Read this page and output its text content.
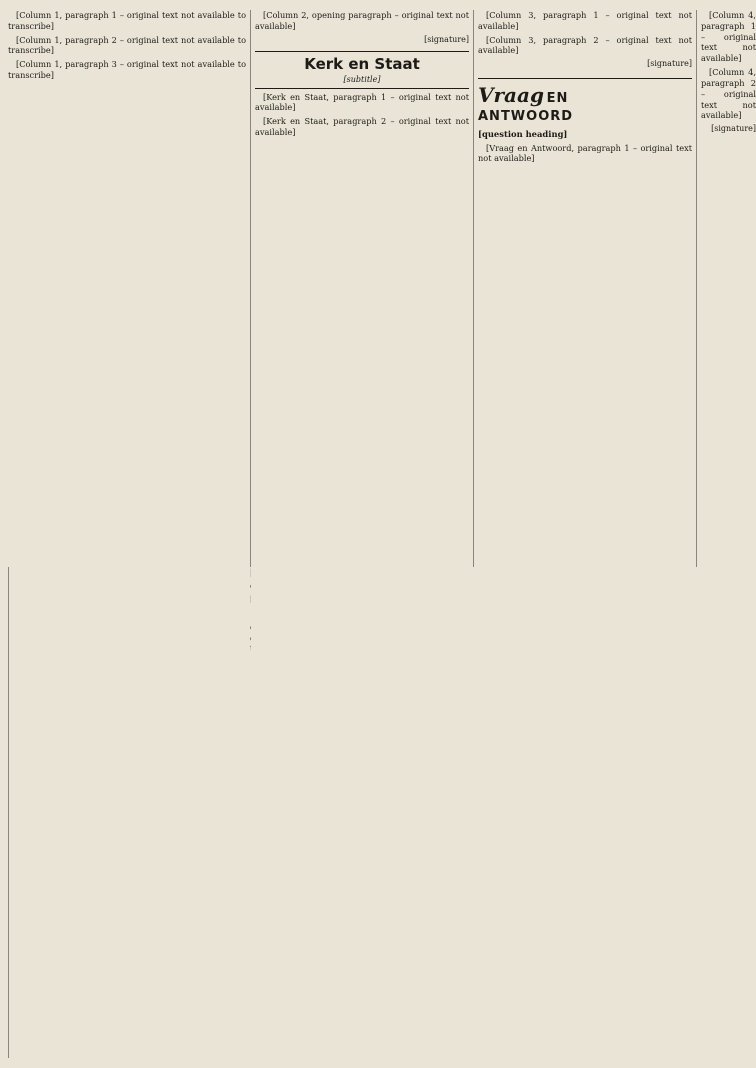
[Column 1, paragraph 1 – original text not available to transcribe]

[Column 1, paragraph 2 – original text not available to transcribe]

[Column 1, paragraph 3 – original text not available to transcribe]

[Column 2, opening paragraph – original text not available]

[signature]
Kerk en Staat
[subtitle]

[Kerk en Staat, paragraph 1 – original text not available]

[Kerk en Staat, paragraph 2 – original text not available]

[Column 3, paragraph 1 – original text not available]

[Column 3, paragraph 2 – original text not available]

[signature]
Vraag EN
ANTWOORD
[question heading]

[Vraag en Antwoord, paragraph 1 – original text not available]

[Column 4, paragraph 1 – original text not available]

[Column 4, paragraph 2 – original text not available]

[signature]
